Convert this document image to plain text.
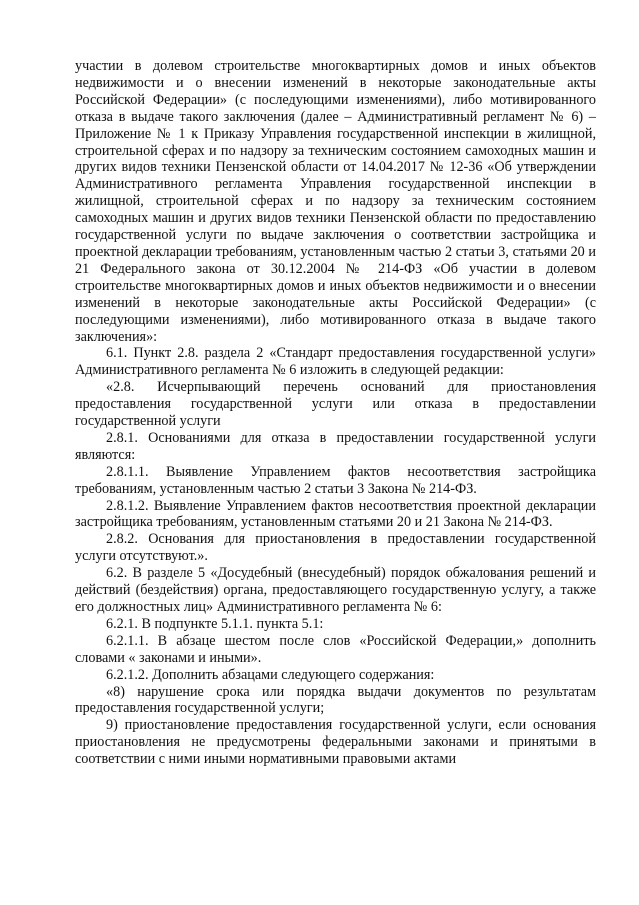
участии в долевом строительстве многоквартирных домов и иных объектов недвижимости и о внесении изменений в некоторые законодательные акты Российской Федерации» (с последующими изменениями), либо мотивированного отказа в выдаче такого заключения (далее – Административный регламент № 6) – Приложение № 1 к Приказу Управления государственной инспекции в жилищной, строительной сферах и по надзору за техническим состоянием самоходных машин и других видов техники Пензенской области от 14.04.2017 № 12-36 «Об утверждении Административного регламента Управления государственной инспекции в жилищной, строительной сферах и по надзору за техническим состоянием самоходных машин и других видов техники Пензенской области по предоставлению государственной услуги по выдаче заключения о соответствии застройщика и проектной декларации требованиям, установленным частью 2 статьи 3, статьями 20 и 21 Федерального закона от 30.12.2004 № 214-ФЗ «Об участии в долевом строительстве многоквартирных домов и иных объектов недвижимости и о внесении изменений в некоторые законодательные акты Российской Федерации» (с последующими изменениями), либо мотивированного отказа в выдаче такого заключения»:

6.1. Пункт 2.8. раздела 2 «Стандарт предоставления государственной услуги» Административного регламента № 6 изложить в следующей редакции:

«2.8. Исчерпывающий перечень оснований для приостановления предоставления государственной услуги или отказа в предоставлении государственной услуги

2.8.1. Основаниями для отказа в предоставлении государственной услуги являются:

2.8.1.1. Выявление Управлением фактов несоответствия застройщика требованиям, установленным частью 2 статьи 3 Закона № 214-ФЗ.

2.8.1.2. Выявление Управлением фактов несоответствия проектной декларации застройщика требованиям, установленным статьями 20 и 21 Закона № 214-ФЗ.

2.8.2. Основания для приостановления в предоставлении государственной услуги отсутствуют.».

6.2. В разделе 5 «Досудебный (внесудебный) порядок обжалования решений и действий (бездействия) органа, предоставляющего государственную услугу, а также его должностных лиц» Административного регламента № 6:

6.2.1. В подпункте 5.1.1. пункта 5.1:

6.2.1.1. В абзаце шестом после слов «Российской Федерации,» дополнить словами « законами и иными».

6.2.1.2. Дополнить абзацами следующего содержания:

«8) нарушение срока или порядка выдачи документов по результатам предоставления государственной услуги;

9) приостановление предоставления государственной услуги, если основания приостановления не предусмотрены федеральными законами и принятыми в соответствии с ними иными нормативными правовыми актами
